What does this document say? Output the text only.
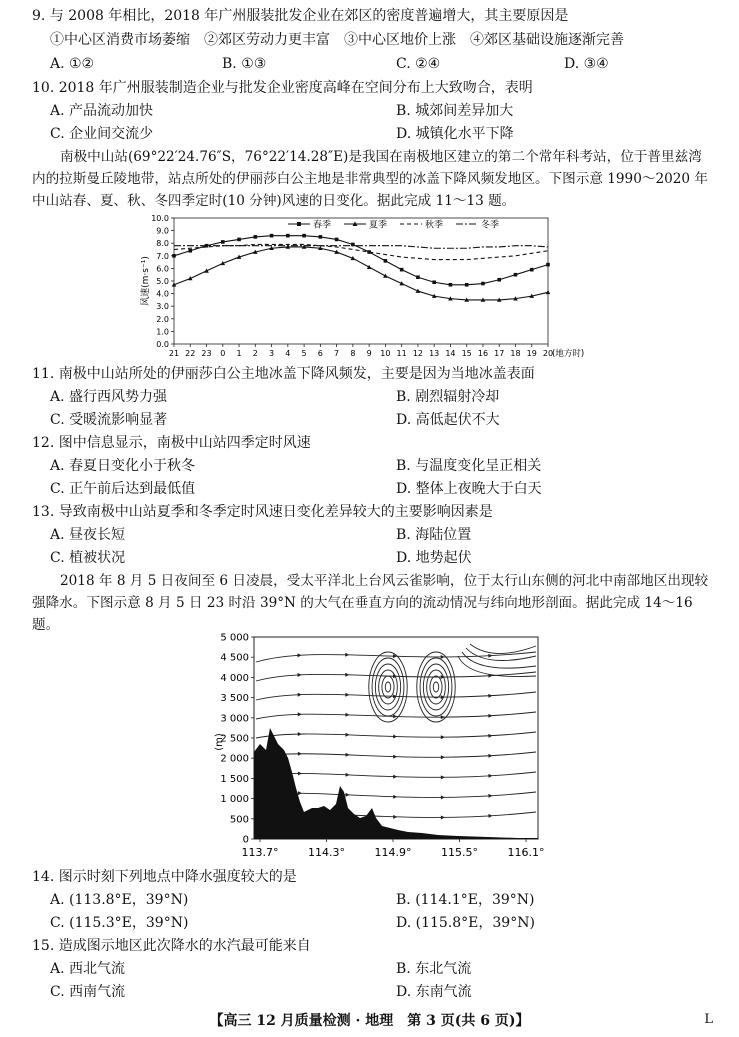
9. 与 2008 年相比，2018 年广州服装批发企业在郊区的密度普遍增大，其主要原因是
①中心区消费市场萎缩　②郊区劳动力更丰富　③中心区地价上涨　④郊区基础设施逐渐完善
A. ①②	B. ①③	C. ②④	D. ③④
10. 2018 年广州服装制造企业与批发企业密度高峰在空间分布上大致吻合，表明
A. 产品流动加快	B. 城郊间差异加大
C. 企业间交流少	D. 城镇化水平下降
南极中山站(69°22′24.76″S，76°22′14.28″E)是我国在南极地区建立的第二个常年科考站，位于普里兹湾内的拉斯曼丘陵地带，站点所处的伊丽莎白公主地是非常典型的冰盖下降风频发地区。下图示意 1990～2020 年中山站春、夏、秋、冬四季定时(10 分钟)风速的日变化。据此完成 11～13 题。
0.0
1.0
2.0
3.0
4.0
5.0
6.0
7.0
8.0
9.0
10.0
21 22 23 0 1 2 3 4 5 6 7 8 9 10 11 12 13 14 15 16 17 18 19 20
(地方时)
风速(m·s⁻¹)
春季	夏季	秋季	冬季
11. 南极中山站所处的伊丽莎白公主地冰盖下降风频发，主要是因为当地冰盖表面
A. 盛行西风势力强	B. 剧烈辐射冷却
C. 受暖流影响显著	D. 高低起伏不大
12. 图中信息显示，南极中山站四季定时风速
A. 春夏日变化小于秋冬	B. 与温度变化呈正相关
C. 正午前后达到最低值	D. 整体上夜晚大于白天
13. 导致南极中山站夏季和冬季定时风速日变化差异较大的主要影响因素是
A. 昼夜长短	B. 海陆位置
C. 植被状况	D. 地势起伏
2018 年 8 月 5 日夜间至 6 日凌晨，受太平洋北上台风云雀影响，位于太行山东侧的河北中南部地区出现较强降水。下图示意 8 月 5 日 23 时沿 39°N 的大气在垂直方向的流动情况与纬向地形剖面。据此完成 14～16 题。
0
500
1 000
1 500
2 000
2 500
3 000
3 500
4 000
4 500
5 000
113.7°	114.3°	114.9°	115.5°	116.1°
(m)
14. 图示时刻下列地点中降水强度较大的是
A. (113.8°E，39°N)	B. (114.1°E，39°N)
C. (115.3°E，39°N)	D. (115.8°E，39°N)
15. 造成图示地区此次降水的水汽最可能来自
A. 西北气流	B. 东北气流
C. 西南气流	D. 东南气流
【高三 12 月质量检测 · 地理　第 3 页(共 6 页)】	L
